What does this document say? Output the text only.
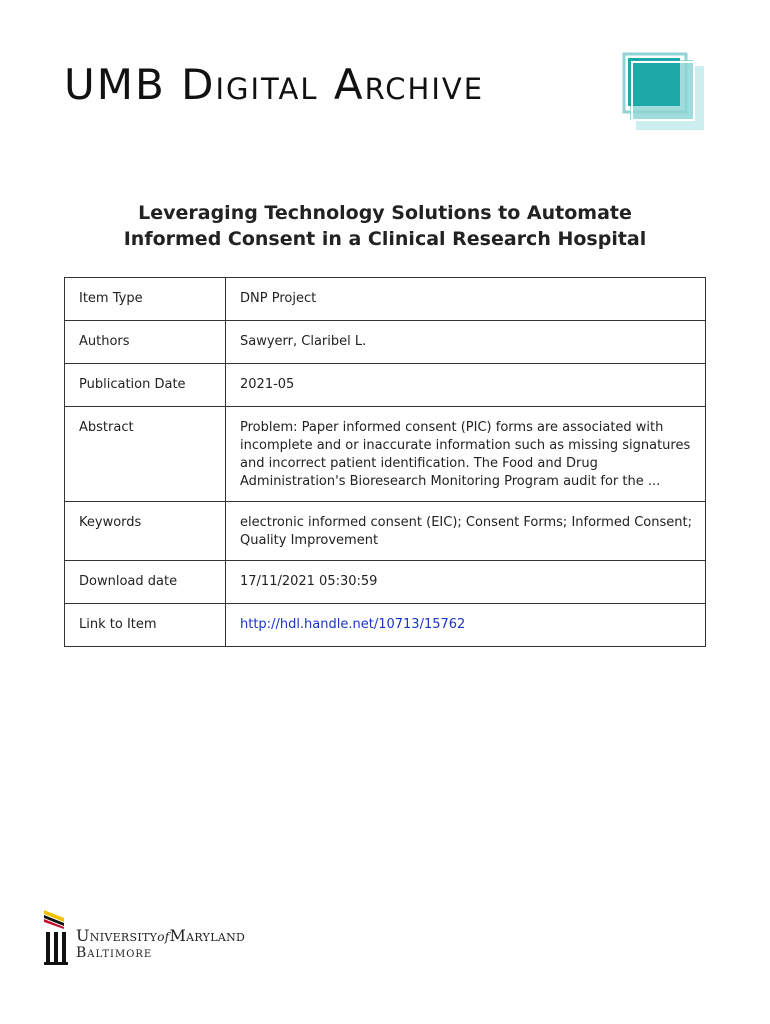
UMB Digital Archive
Leveraging Technology Solutions to Automate
Informed Consent in a Clinical Research Hospital
Item Type	DNP Project
Authors	Sawyerr, Claribel L.
Publication Date	2021-05
Abstract	Problem: Paper informed consent (PIC) forms are associated with incomplete and or inaccurate information such as missing signatures and incorrect patient identification. The Food and Drug Administration's Bioresearch Monitoring Program audit for the ...
Keywords	electronic informed consent (EIC); Consent Forms; Informed Consent; Quality Improvement
Download date	17/11/2021 05:30:59
Link to Item	http://hdl.handle.net/10713/15762
UniversityofMaryland
Baltimore
